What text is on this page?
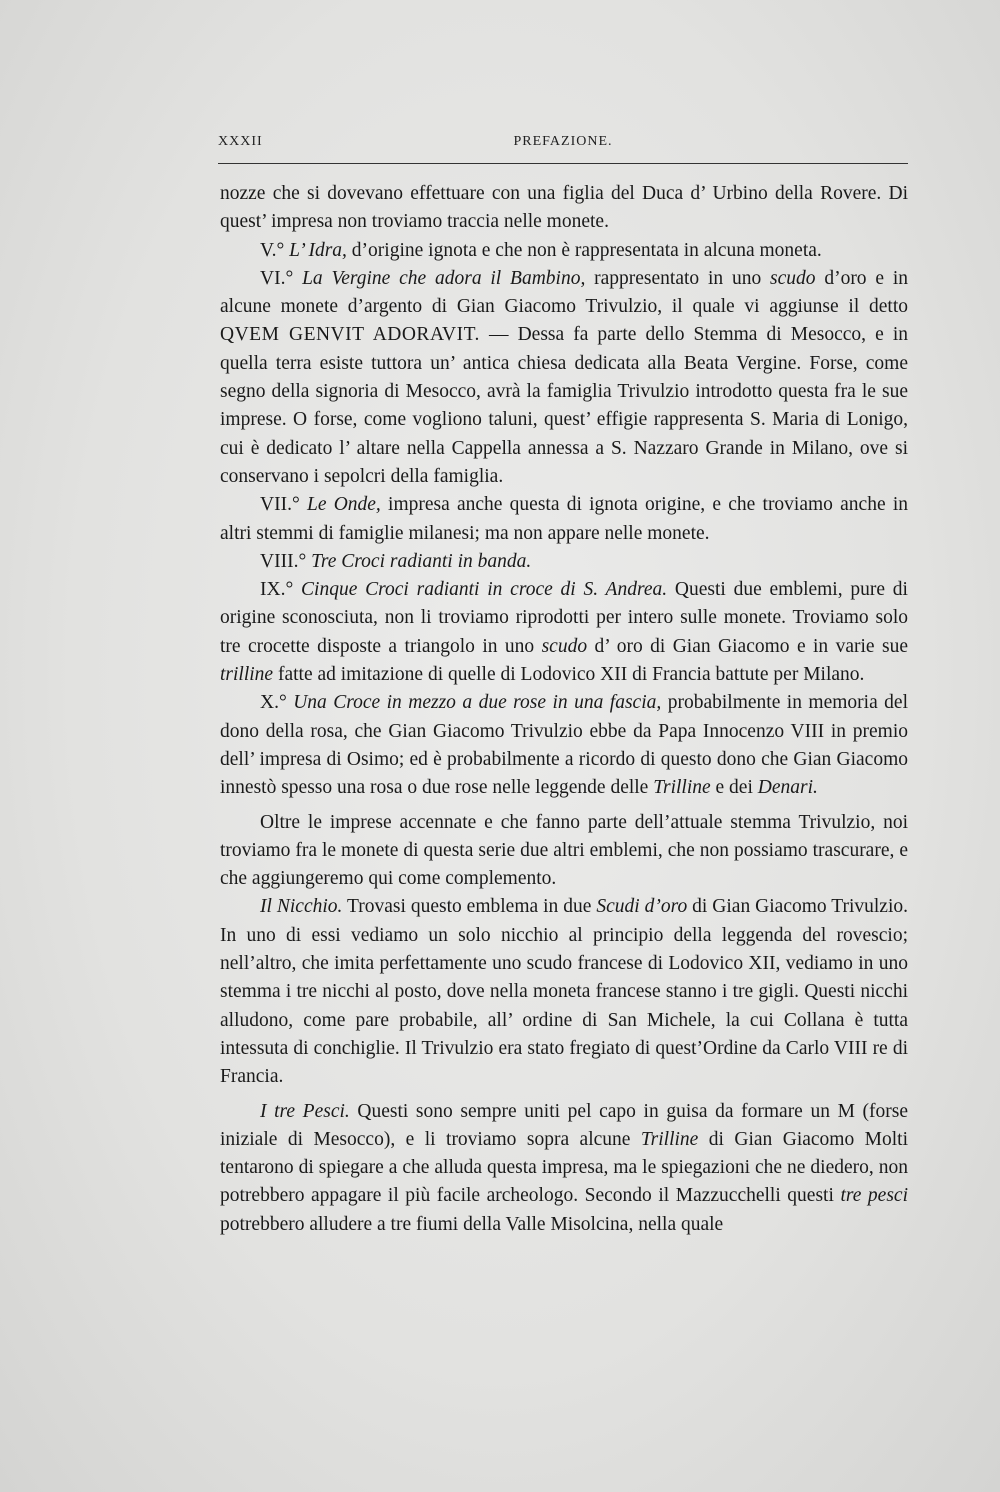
XXXII	PREFAZIONE.

nozze che si dovevano effettuare con una figlia del Duca d’ Urbino della Rovere. Di quest’ impresa non troviamo traccia nelle monete.

V.° L’ Idra, d’origine ignota e che non è rappresentata in alcuna moneta.

VI.° La Vergine che adora il Bambino, rappresentato in uno scudo d’oro e in alcune monete d’argento di Gian Giacomo Trivulzio, il quale vi aggiunse il detto QVEM GENVIT ADORAVIT. — Dessa fa parte dello Stemma di Mesocco, e in quella terra esiste tuttora un’ antica chiesa dedicata alla Beata Vergine. Forse, come segno della signoria di Mesocco, avrà la famiglia Trivulzio introdotto questa fra le sue imprese. O forse, come vogliono taluni, quest’ effigie rappresenta S. Maria di Lonigo, cui è dedicato l’ altare nella Cappella annessa a S. Nazzaro Grande in Milano, ove si conservano i sepolcri della famiglia.

VII.° Le Onde, impresa anche questa di ignota origine, e che troviamo anche in altri stemmi di famiglie milanesi; ma non appare nelle monete.

VIII.° Tre Croci radianti in banda.

IX.° Cinque Croci radianti in croce di S. Andrea. Questi due emblemi, pure di origine sconosciuta, non li troviamo riprodotti per intero sulle monete. Troviamo solo tre crocette disposte a triangolo in uno scudo d’ oro di Gian Giacomo e in varie sue trilline fatte ad imitazione di quelle di Lodovico XII di Francia battute per Milano.

X.° Una Croce in mezzo a due rose in una fascia, probabilmente in memoria del dono della rosa, che Gian Giacomo Trivulzio ebbe da Papa Innocenzo VIII in premio dell’ impresa di Osimo; ed è probabilmente a ricordo di questo dono che Gian Giacomo innestò spesso una rosa o due rose nelle leggende delle Trilline e dei Denari.

Oltre le imprese accennate e che fanno parte dell’attuale stemma Trivulzio, noi troviamo fra le monete di questa serie due altri emblemi, che non possiamo trascurare, e che aggiungeremo qui come complemento.

Il Nicchio. Trovasi questo emblema in due Scudi d’oro di Gian Giacomo Trivulzio. In uno di essi vediamo un solo nicchio al principio della leggenda del rovescio; nell’altro, che imita perfettamente uno scudo francese di Lodovico XII, vediamo in uno stemma i tre nicchi al posto, dove nella moneta francese stanno i tre gigli. Questi nicchi alludono, come pare probabile, all’ ordine di San Michele, la cui Collana è tutta intessuta di conchiglie. Il Trivulzio era stato fregiato di quest’Ordine da Carlo VIII re di Francia.

I tre Pesci. Questi sono sempre uniti pel capo in guisa da formare un M (forse iniziale di Mesocco), e li troviamo sopra alcune Trilline di Gian Giacomo Molti tentarono di spiegare a che alluda questa impresa, ma le spiegazioni che ne diedero, non potrebbero appagare il più facile archeologo. Secondo il Mazzucchelli questi tre pesci potrebbero alludere a tre fiumi della Valle Misolcina, nella quale
